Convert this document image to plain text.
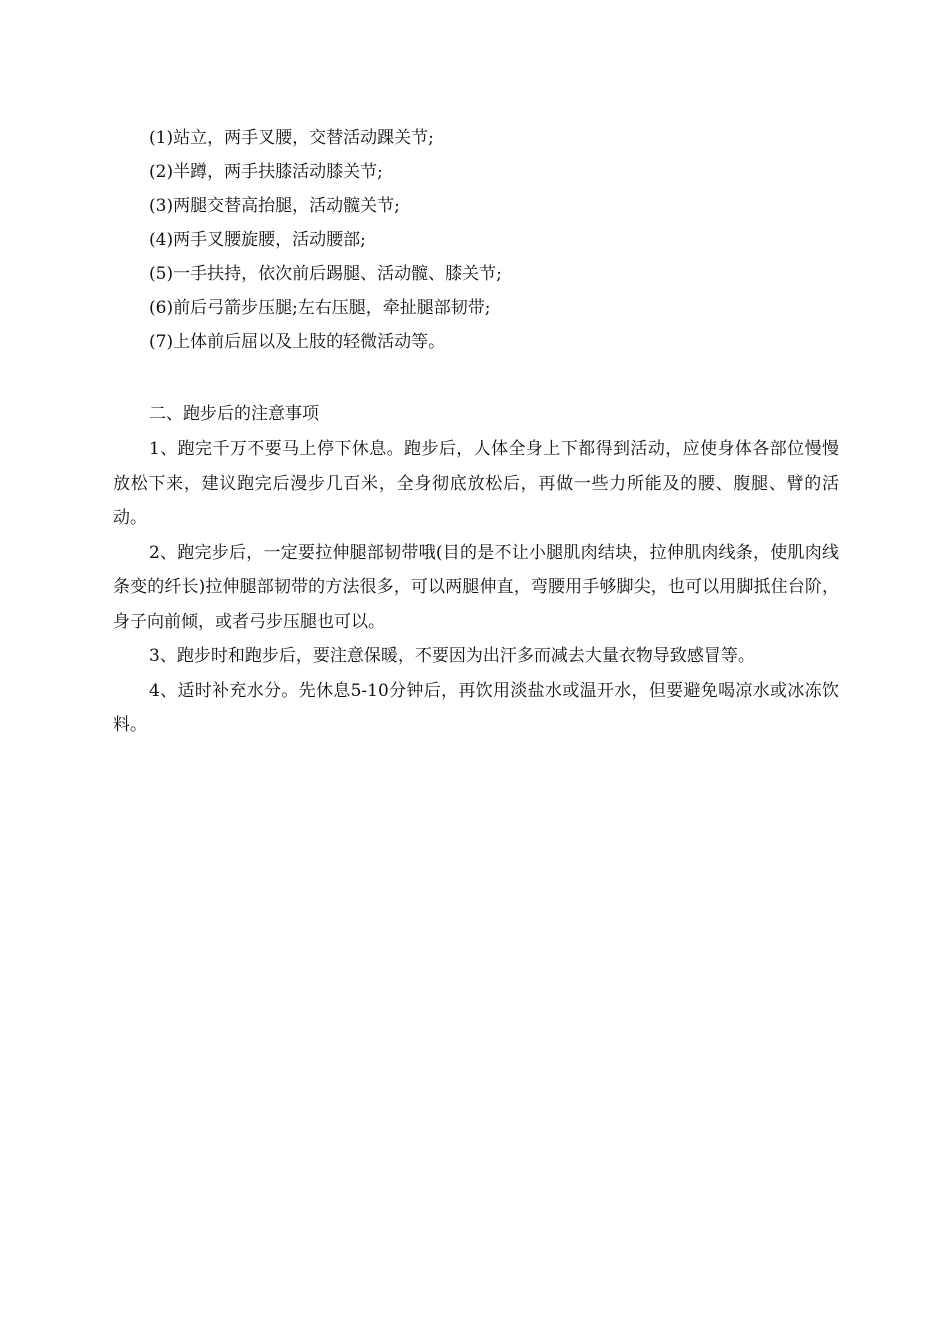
(1)站立，两手叉腰，交替活动踝关节;
(2)半蹲，两手扶膝活动膝关节;
(3)两腿交替高抬腿，活动髋关节;
(4)两手叉腰旋腰，活动腰部;
(5)一手扶持，依次前后踢腿、活动髋、膝关节;
(6)前后弓箭步压腿;左右压腿，牵扯腿部韧带;
(7)上体前后屈以及上肢的轻微活动等。
二、跑步后的注意事项

1、跑完千万不要马上停下休息。跑步后，人体全身上下都得到活动，应使身体各部位慢慢放松下来，建议跑完后漫步几百米，全身彻底放松后，再做一些力所能及的腰、腹腿、臂的活动。

2、跑完步后，一定要拉伸腿部韧带哦(目的是不让小腿肌肉结块，拉伸肌肉线条，使肌肉线条变的纤长)拉伸腿部韧带的方法很多，可以两腿伸直，弯腰用手够脚尖，也可以用脚抵住台阶，身子向前倾，或者弓步压腿也可以。

3、跑步时和跑步后，要注意保暖，不要因为出汗多而减去大量衣物导致感冒等。

4、适时补充水分。先休息5-10分钟后，再饮用淡盐水或温开水，但要避免喝凉水或冰冻饮料。
